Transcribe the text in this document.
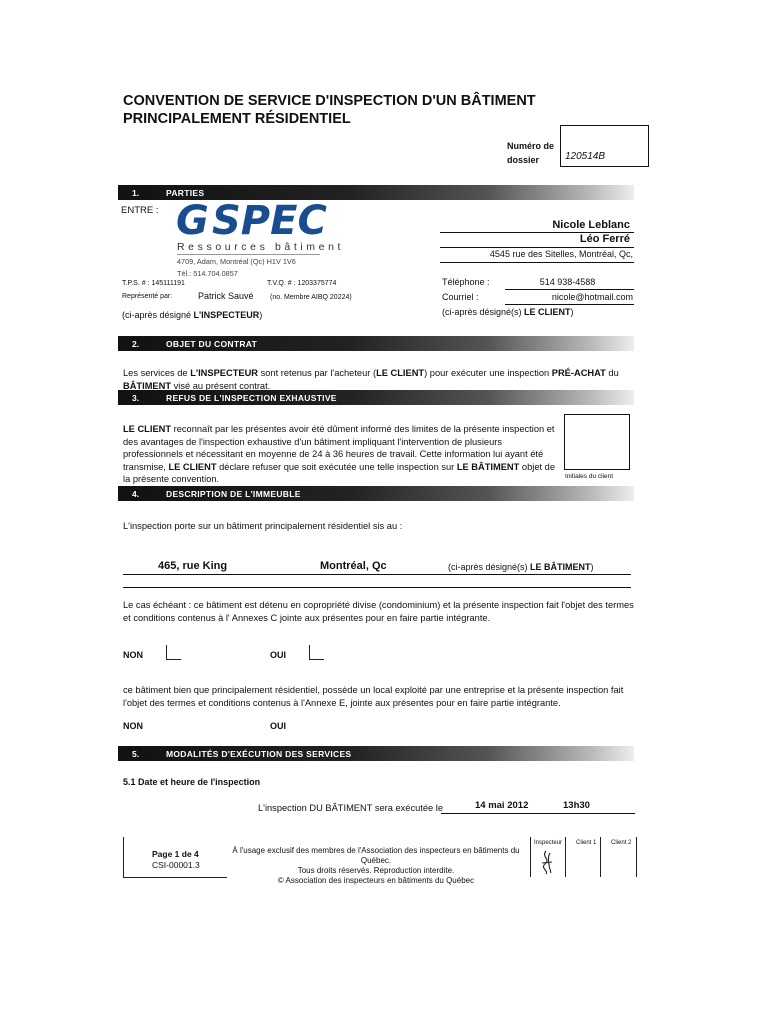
CONVENTION DE SERVICE D'INSPECTION D'UN BÂTIMENT
PRINCIPALEMENT RÉSIDENTIEL
Numéro de
dossier	120514B
1.	PARTIES
ENTRE : G SPEC
Ressources bâtiment
4709, Adam, Montréal (Qc) H1V 1V6
Tél.: 514.704.0857
T.P.S. # : 145111191	T.V.Q. # : 1203375774
Représenté par:	Patrick Sauvé (no. Membre AIBQ 20224)
(ci-après désigné L'INSPECTEUR)
Nicole Leblanc
Léo Ferré
4545 rue des Sitelles, Montréal, Qc,
Téléphone :	514 938-4588
Courriel :	nicole@hotmail.com
(ci-après désigné(s) LE CLIENT)
2.	OBJET DU CONTRAT
Les services de L'INSPECTEUR sont retenus par l'acheteur (LE CLIENT) pour exécuter une inspection PRÉ-ACHAT du
BÂTIMENT visé au présent contrat.
3.	REFUS DE L'INSPECTION EXHAUSTIVE
LE CLIENT reconnaît par les présentes avoir été dûment informé des limites de la présente inspection et des avantages de l'inspection exhaustive d'un bâtiment impliquant l'intervention de plusieurs professionnels et nécessitant en moyenne de 24 à 36 heures de travail. Cette information lui ayant été transmise, LE CLIENT déclare refuser que soit exécutée une telle inspection sur LE BÂTIMENT objet de la présente convention.	Initiales du client
4.	DESCRIPTION DE L'IMMEUBLE
L'inspection porte sur un bâtiment principalement résidentiel sis au :
465, rue King	Montréal, Qc	(ci-après désigné(s) LE BÂTIMENT)
Le cas échéant : ce bâtiment est détenu en copropriété divise (condominium) et la présente inspection fait l'objet des termes et conditions contenus à l' Annexes C jointe aux présentes pour en faire partie intégrante.
NON	OUI
ce bâtiment bien que principalement résidentiel, possède un local exploité par une entreprise et la présente inspection fait l'objet des termes et conditions contenus à l'Annexe E, jointe aux présentes pour en faire partie intégrante.
NON	OUI
5.	MODALITÉS D'EXÉCUTION DES SERVICES
5.1 Date et heure de l'inspection
L'inspection DU BÂTIMENT sera exécutée le	14 mai 2012	13h30
Page 1 de 4
CSI-00001.3
À l'usage exclusif des membres de l'Association des inspecteurs en bâtiments du Québec.
Tous droits réservés. Reproduction interdite.
© Association des inspecteurs en bâtiments du Québec
Inspecteur Client 1 Client 2
